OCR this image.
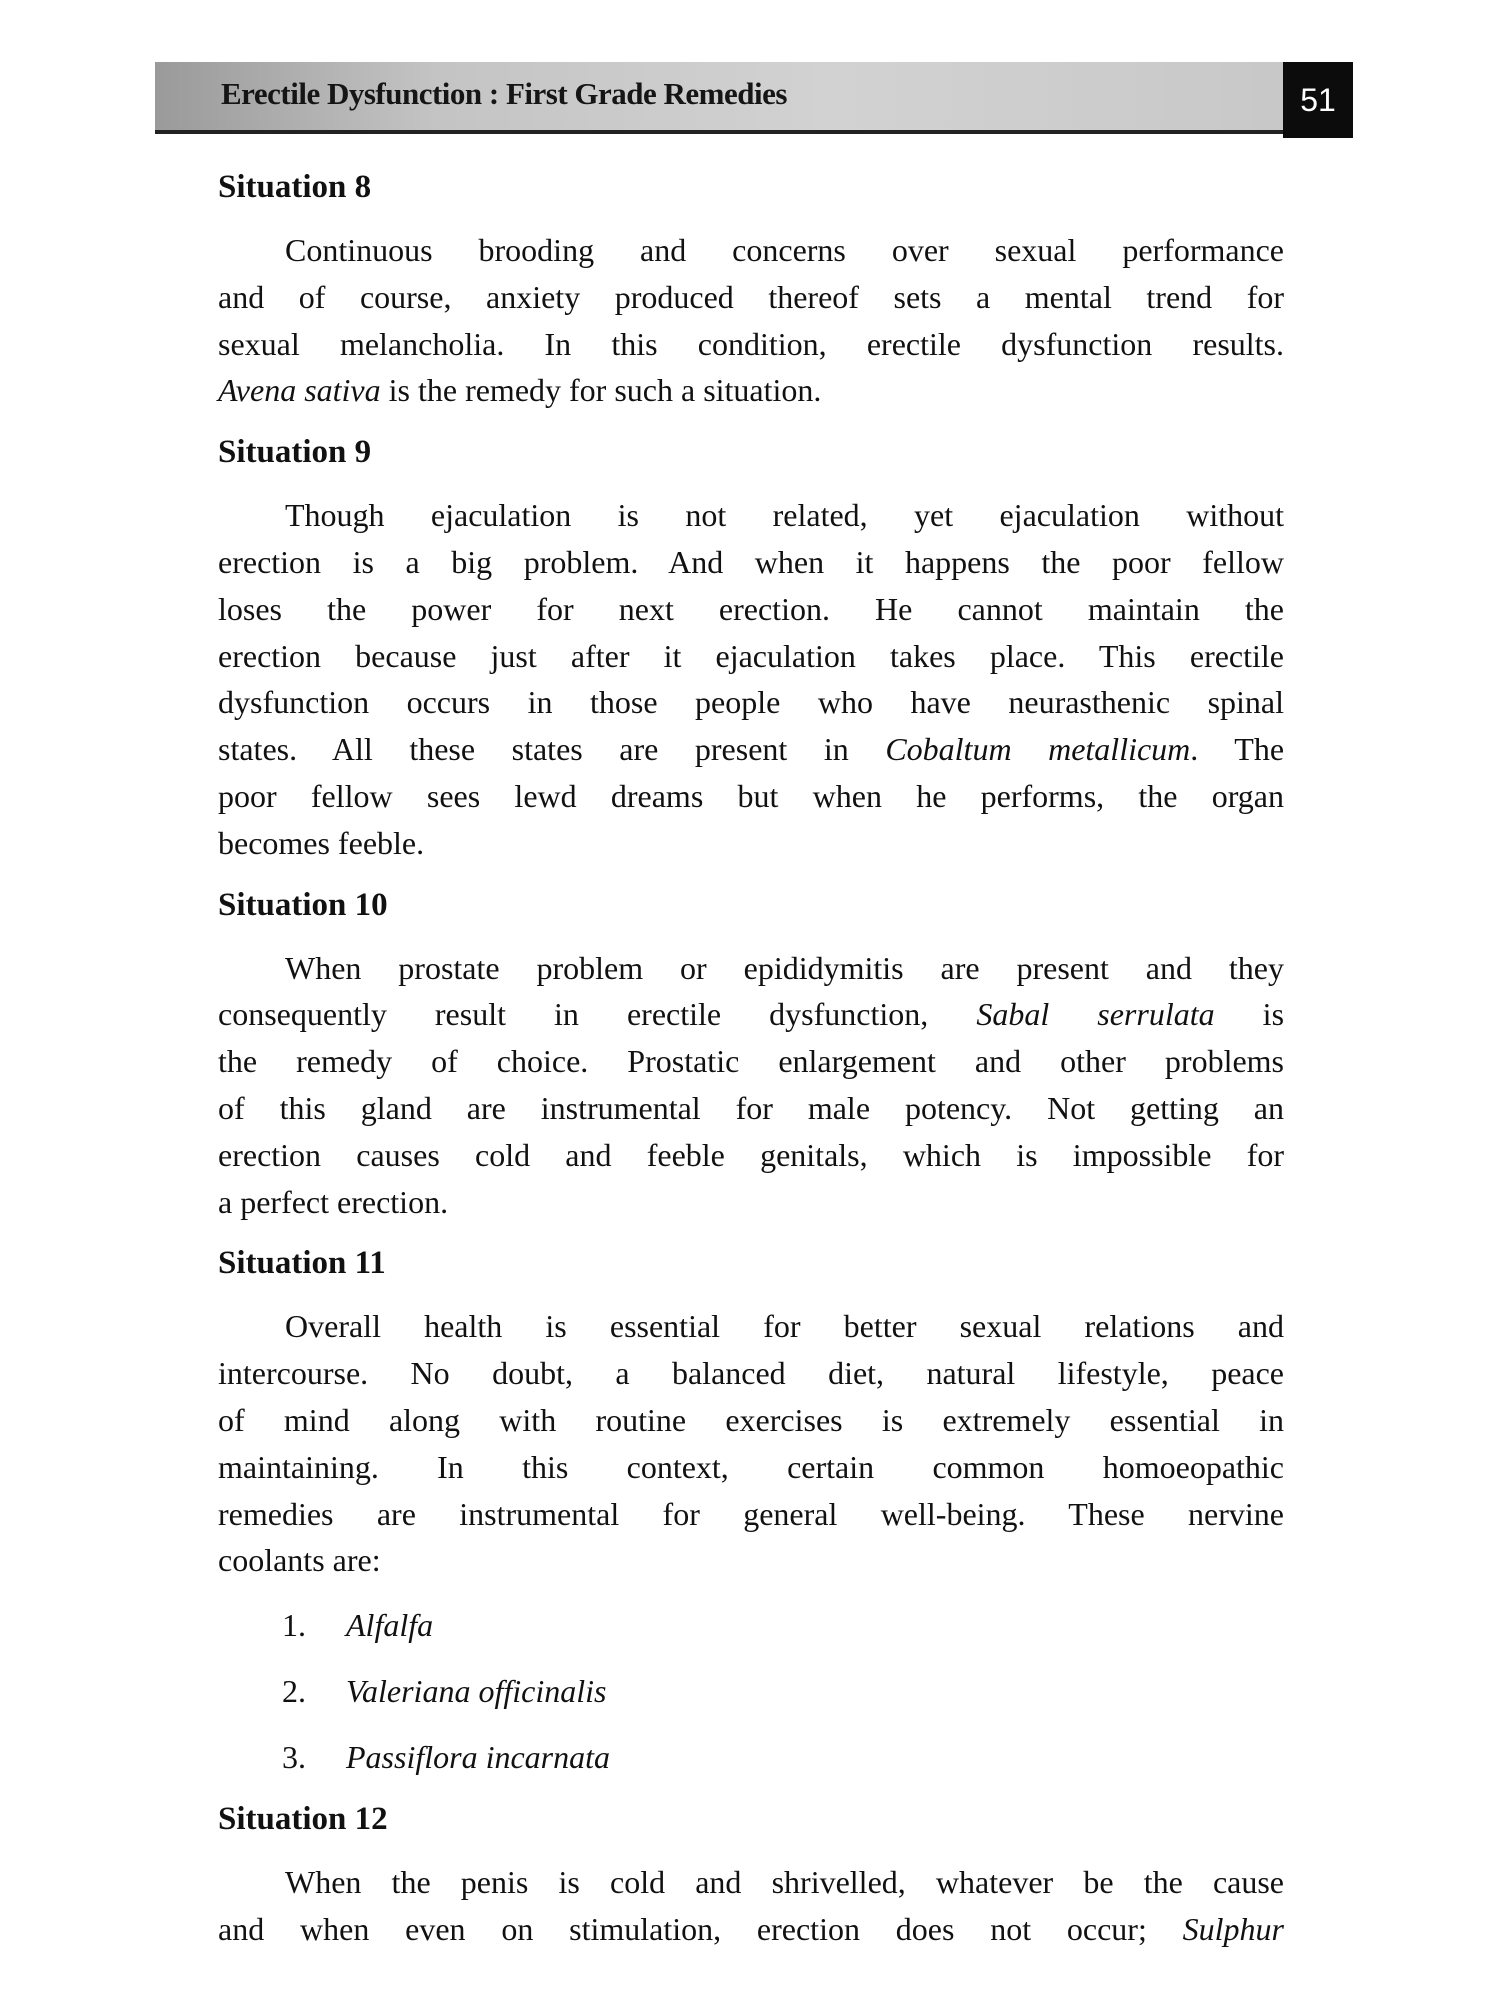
Erectile Dysfunction : First Grade Remedies	51
Situation 8
Continuous brooding and concerns over sexual performance
and of course, anxiety produced thereof sets a mental trend for
sexual melancholia. In this condition, erectile dysfunction results.
Avena sativa is the remedy for such a situation.
Situation 9
Though ejaculation is not related, yet ejaculation without
erection is a big problem. And when it happens the poor fellow
loses the power for next erection. He cannot maintain the
erection because just after it ejaculation takes place. This erectile
dysfunction occurs in those people who have neurasthenic spinal
states. All these states are present in Cobaltum metallicum. The
poor fellow sees lewd dreams but when he performs, the organ
becomes feeble.
Situation 10
When prostate problem or epididymitis are present and they
consequently result in erectile dysfunction, Sabal serrulata is
the remedy of choice. Prostatic enlargement and other problems
of this gland are instrumental for male potency. Not getting an
erection causes cold and feeble genitals, which is impossible for
a perfect erection.
Situation 11
Overall health is essential for better sexual relations and
intercourse. No doubt, a balanced diet, natural lifestyle, peace
of mind along with routine exercises is extremely essential in
maintaining. In this context, certain common homoeopathic
remedies are instrumental for general well-being. These nervine
coolants are:
1. Alfalfa
2. Valeriana officinalis
3. Passiflora incarnata
Situation 12
When the penis is cold and shrivelled, whatever be the cause
and when even on stimulation, erection does not occur; Sulphur
